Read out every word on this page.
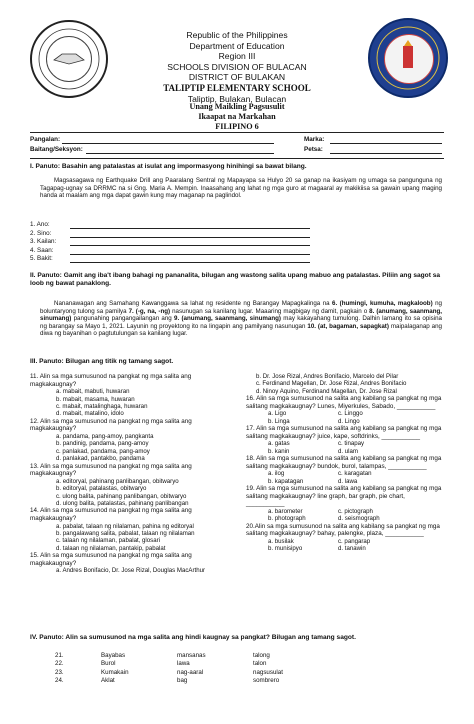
Republic of the Philippines
Department of Education
Region III
SCHOOLS DIVISION OF BULACAN
DISTRICT OF BULAKAN
TALIPTIP ELEMENTARY SCHOOL
Taliptip, Bulakan, Bulacan
Unang Maikling Pagsusulit
Ikaapat na Markahan
FILIPINO 6
Pangalan:	Marka:
Baitang/Seksyon:	Petsa:
I. Panuto: Basahin ang patalastas at isulat ang impormasyong hinihingi sa bawat bilang.
Magsasagawa ng Earthquake Drill ang Paaralang Sentral ng Mapayapa sa Hulyo 20 sa ganap na ikasiyam ng umaga sa pangunguna ng Tagapag-ugnay sa DRRMC na si Gng. Maria A. Mempin. Inaasahang ang lahat ng mga guro at magaaral ay makikiisa sa gawain upang maging handa at maalam ang mga dapat gawin kung may maganap na paglindol.
1. Ano:
2. Sino:
3. Kailan:
4. Saan:
5. Bakit:
II. Panuto: Gamit ang iba't ibang bahagi ng pananalita, bilugan ang wastong salita upang mabuo ang patalastas. Piliin ang sagot sa loob ng bawat panaklong.
Nananawagan ang Samahang Kawanggawa sa lahat ng residente ng Barangay Mapagkalinga na 6. (humingi, kumuha, magkaloob) ng boluntaryong tulong sa pamilya 7. (-g, na, -ng) nasunugan sa kanilang lugar. Maaaring magbigay ng damit, pagkain o 8. (anumang, saanmang, sinumang) pangunahing pangangailangan ang 9. (anumang, saanmang, sinumang) may kakayahang tumulong. Dalhin lamang ito sa opisina ng barangay sa Mayo 1, 2021. Layunin ng proyektong ito na lingapin ang pamilyang nasunugan 10. (at, bagaman, sapagkat) maipalaganap ang diwa ng bayanihan o pagtutulungan sa kanilang lugar.
III. Panuto: Bilugan ang titik ng tamang sagot.
11. Alin sa mga sumusunod na pangkat ng mga salita ang magkakaugnay?
a. mabait, mabuti, huwaran
b. mabait, masama, huwaran
c. mabait, matalinghaga, huwaran
d. mabait, matalino, idolo
12. Alin sa mga sumusunod na pangkat ng mga salita ang magkakaugnay?
a. pandama, pang-amoy, pangkanta
b. pandinig, pandama, pang-amoy
c. panlakad, pandama, pang-amoy
d. panlakad, pantakbo, pandama
13. Alin sa mga sumusunod na pangkat ng mga salita ang magkakaugnay?
a. editoryal, pahinang panlibangan, obitwaryo
b. editoryal, patalastas, obitwaryo
c. ulong balita, pahinang panlibangan, obitwaryo
d. ulong balita, patalastas, pahinang panlibangan
14. Alin sa mga sumusunod na pangkat ng mga salita ang magkakaugnay?
a. pabalat, talaan ng nilalaman, pahina ng editoryal
b. pangalawang salita, pabalat, talaan ng nilalaman
c. talaan ng nilalaman, pabalat, glosari
d. talaan ng nilalaman, pantakip, pabalat
15. Alin sa mga sumusunod na pangkat ng mga salita ang magkakaugnay?
a. Andres Bonifacio, Dr. Jose Rizal, Douglas MacArthur
b. Dr. Jose Rizal, Andres Bonifacio, Marcelo del Pilar
c. Ferdinand Magellan, Dr. Jose Rizal, Andres Bonifacio
d. Ninoy Aquino, Ferdinand Magellan, Dr. Jose Rizal
16. Alin sa mga sumusunod na salita ang kabilang sa pangkat ng mga salitang magkakaugnay? Lunes, Miyerkules, Sabado, ___________
a. Ligo	c. Linggo
b. Linga	d. Lingo
17. Alin sa mga sumusunod na salita ang kabilang sa pangkat ng mga salitang magkakaugnay? juice, kape, softdrinks, ___________
a. gatas	c. tinapay
b. kanin	d. ulam
18. Alin sa mga sumusunod na salita ang kabilang sa pangkat ng mga salitang magkakaugnay? bundok, burol, talampas, ___________
a. ilog	c. karagatan
b. kapatagan	d. lawa
19. Alin sa mga sumusunod na salita ang kabilang sa pangkat ng mga salitang magkakaugnay? line graph, bar graph, pie chart, ___________
a. barometer	c. pictograph
b. photograph	d. seismograph
20.Alin sa mga sumusunod na salita ang kabilang sa pangkat ng mga salitang magkakaugnay? bahay, palengke, plaza, ___________
a. busilak	c. pangarap
b. munisipyo	d. tanawin
IV. Panuto: Alin sa sumusunod na mga salita ang hindi kaugnay sa pangkat? Bilugan ang tamang sagot.
21.	Bayabas	mansanas	talong
22.	Burol	lawa	talon
23.	Kumakain	nag-aaral	nagsusulat
24.	Aklat	bag	sombrero
